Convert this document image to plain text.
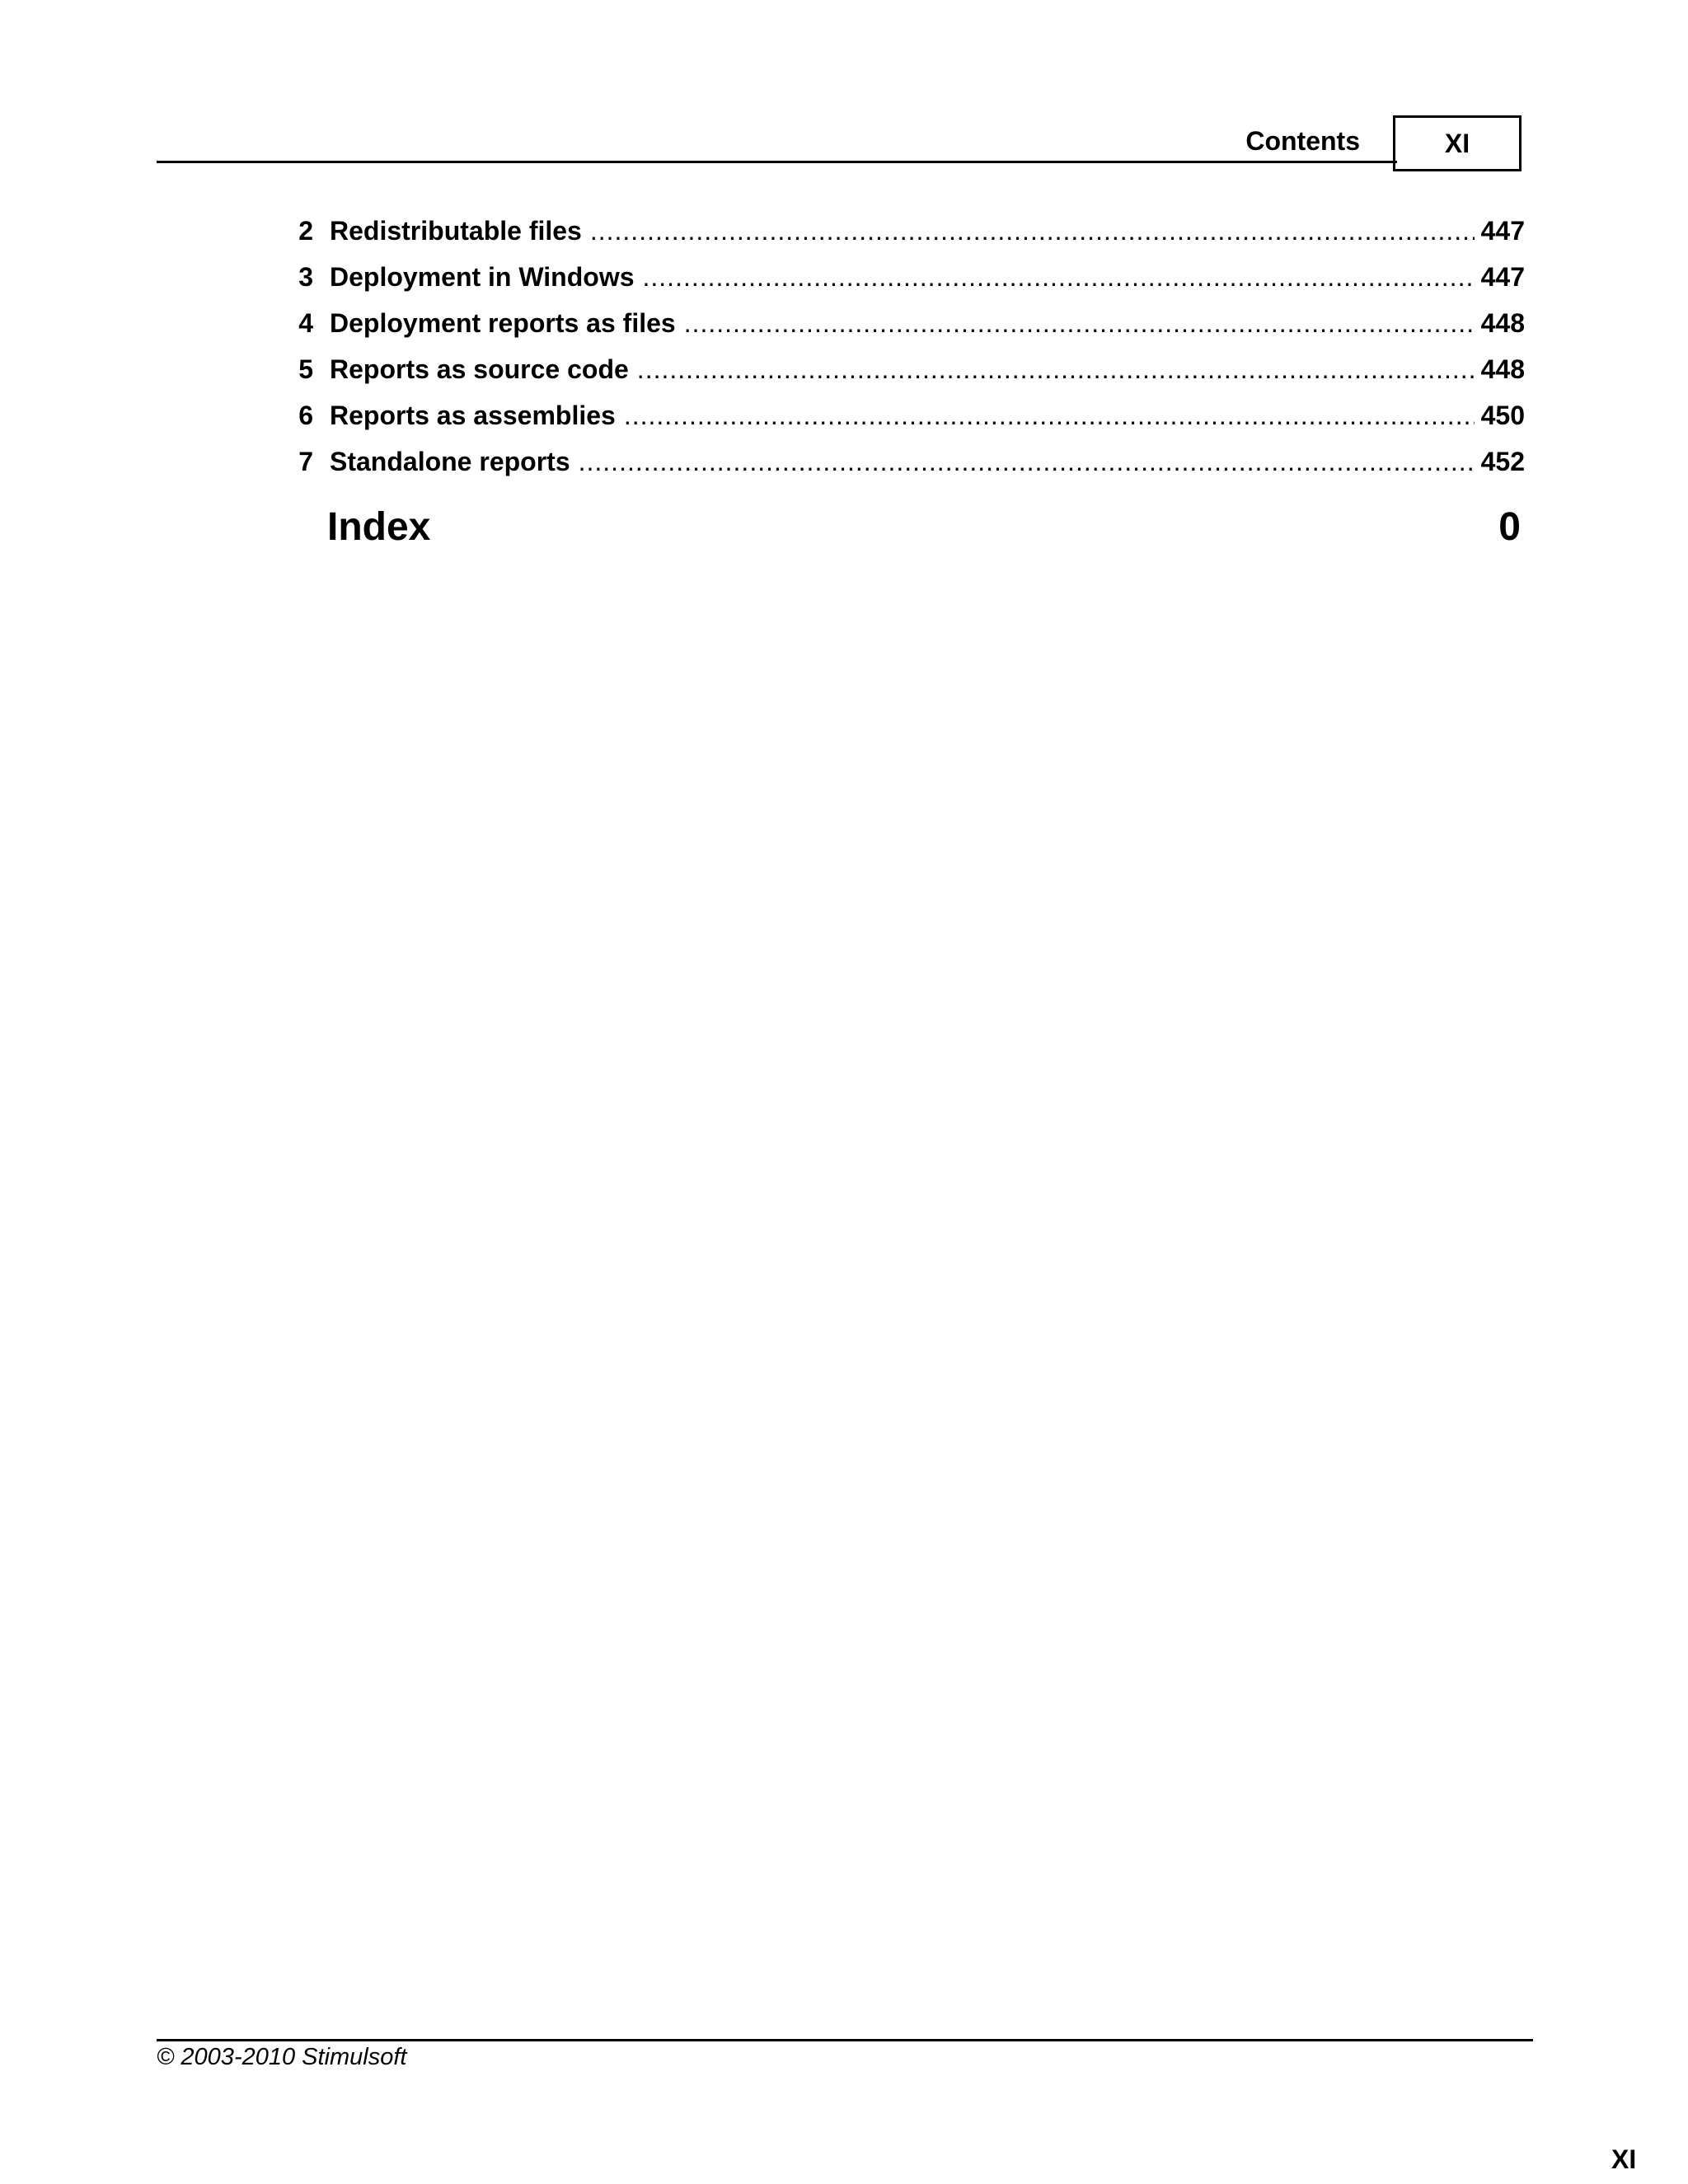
Contents	XI
2 Redistributable files .....	447
3 Deployment in Windows .....	447
4 Deployment reports as files .....	448
5 Reports as source code .....	448
6 Reports as assemblies .....	450
7 Standalone reports .....	452
Index	0
© 2003-2010 Stimulsoft
XI
